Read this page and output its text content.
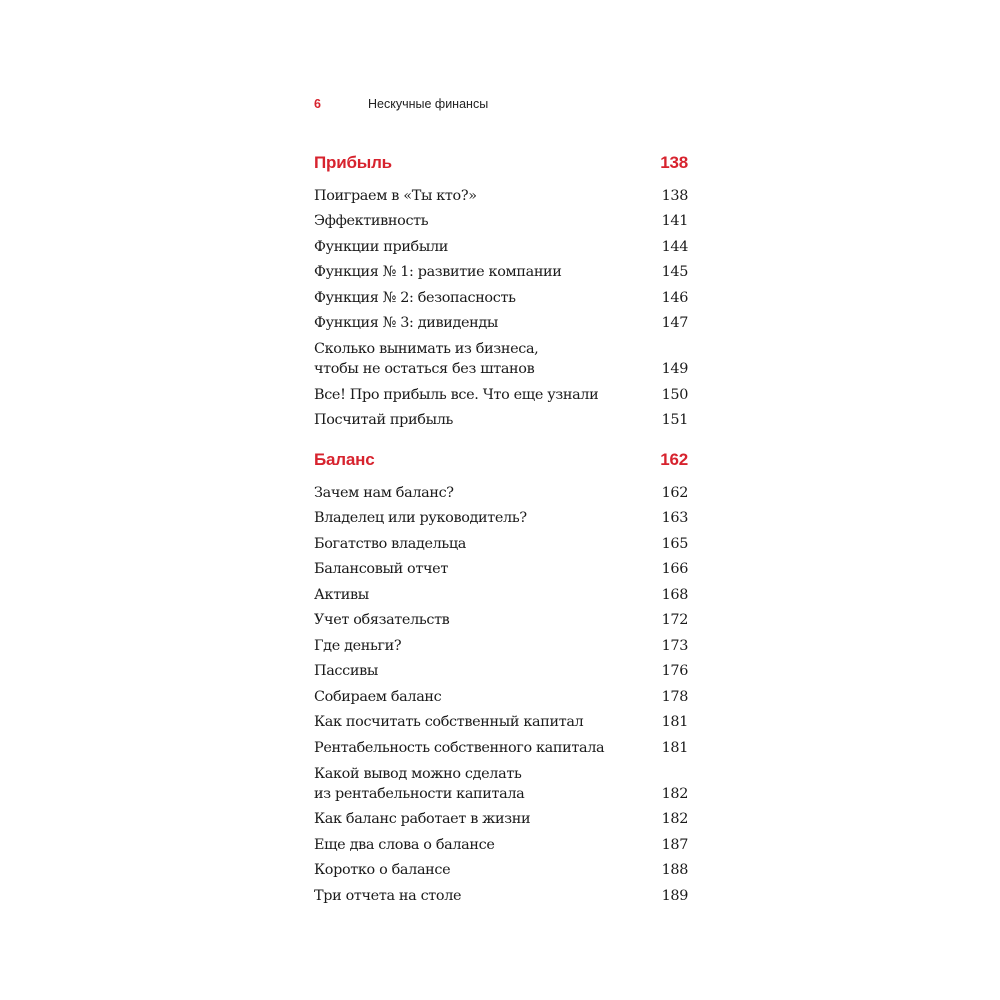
6	Нескучные финансы
Прибыль	138
Поиграем в «Ты кто?»	138
Эффективность	141
Функции прибыли	144
Функция № 1: развитие компании	145
Функция № 2: безопасность	146
Функция № 3: дивиденды	147
Сколько вынимать из бизнеса,
чтобы не остаться без штанов	149
Все! Про прибыль все. Что еще узнали	150
Посчитай прибыль	151
Баланс	162
Зачем нам баланс?	162
Владелец или руководитель?	163
Богатство владельца	165
Балансовый отчет	166
Активы	168
Учет обязательств	172
Где деньги?	173
Пассивы	176
Собираем баланс	178
Как посчитать собственный капитал	181
Рентабельность собственного капитала	181
Какой вывод можно сделать
из рентабельности капитала	182
Как баланс работает в жизни	182
Еще два слова о балансе	187
Коротко о балансе	188
Три отчета на столе	189
